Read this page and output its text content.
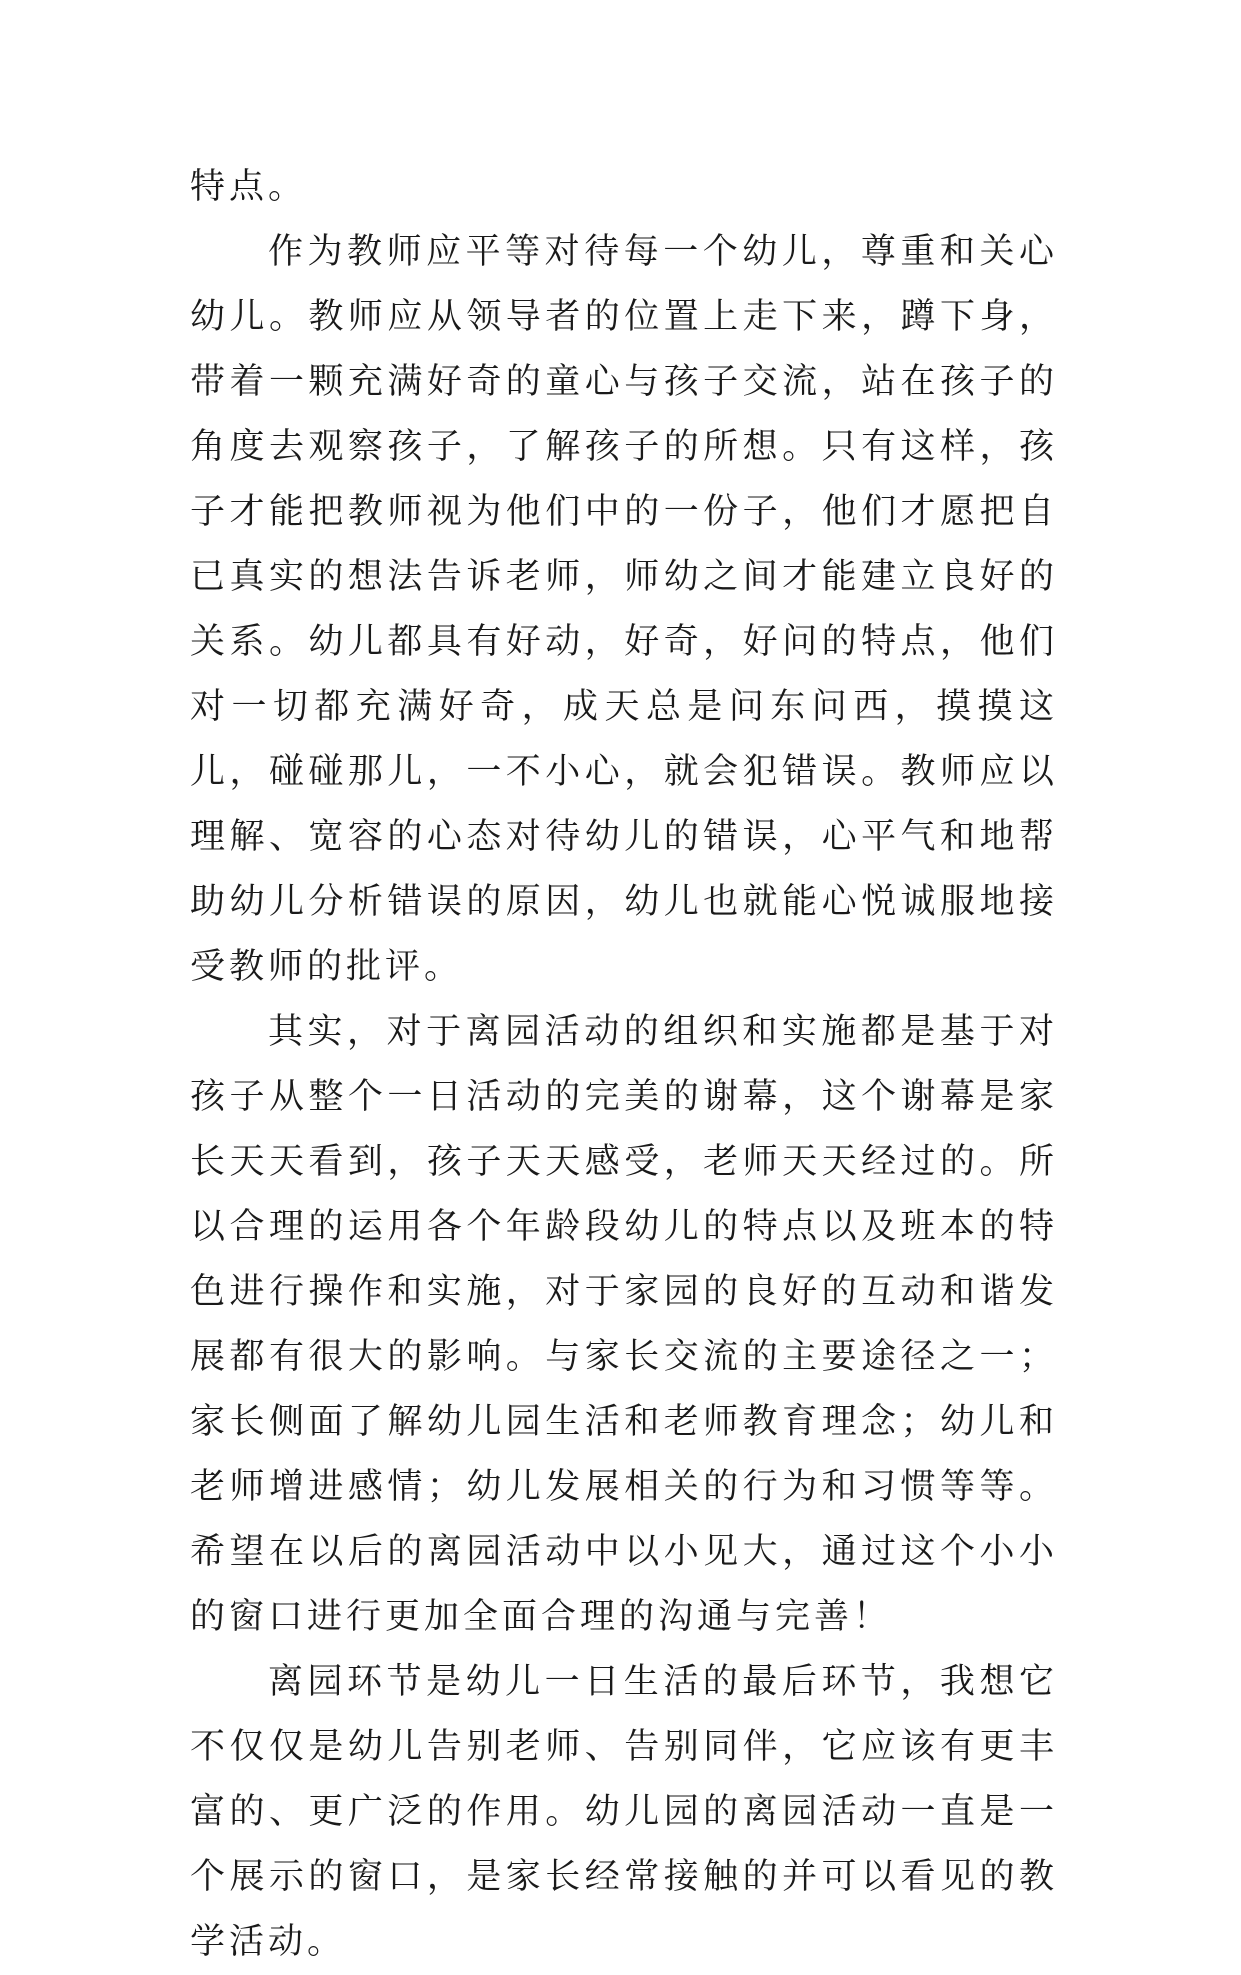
特点。

作为教师应平等对待每一个幼儿，尊重和关心幼儿。教师应从领导者的位置上走下来，蹲下身，带着一颗充满好奇的童心与孩子交流，站在孩子的角度去观察孩子，了解孩子的所想。只有这样，孩子才能把教师视为他们中的一份子，他们才愿把自已真实的想法告诉老师，师幼之间才能建立良好的关系。幼儿都具有好动，好奇，好问的特点，他们对一切都充满好奇，成天总是问东问西，摸摸这儿，碰碰那儿，一不小心，就会犯错误。教师应以理解、宽容的心态对待幼儿的错误，心平气和地帮助幼儿分析错误的原因，幼儿也就能心悦诚服地接受教师的批评。

其实，对于离园活动的组织和实施都是基于对孩子从整个一日活动的完美的谢幕，这个谢幕是家长天天看到，孩子天天感受，老师天天经过的。所以合理的运用各个年龄段幼儿的特点以及班本的特色进行操作和实施，对于家园的良好的互动和谐发展都有很大的影响。与家长交流的主要途径之一；家长侧面了解幼儿园生活和老师教育理念；幼儿和老师增进感情；幼儿发展相关的行为和习惯等等。希望在以后的离园活动中以小见大，通过这个小小的窗口进行更加全面合理的沟通与完善！

离园环节是幼儿一日生活的最后环节，我想它不仅仅是幼儿告别老师、告别同伴，它应该有更丰富的、更广泛的作用。幼儿园的离园活动一直是一个展示的窗口，是家长经常接触的并可以看见的教学活动。
